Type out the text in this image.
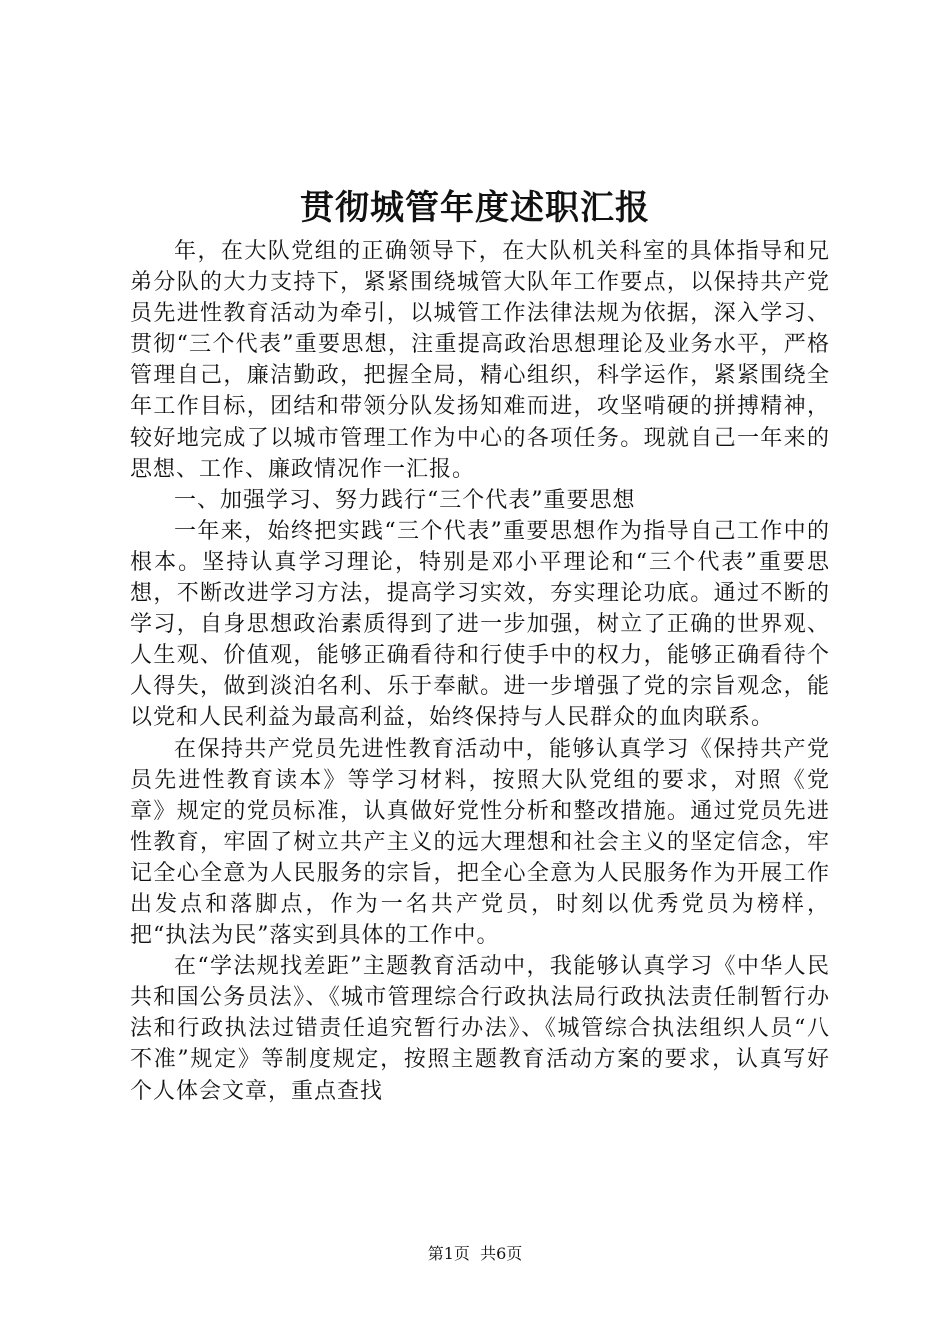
贯彻城管年度述职汇报

年，在大队党组的正确领导下，在大队机关科室的具体指导和兄弟分队的大力支持下，紧紧围绕城管大队年工作要点，以保持共产党员先进性教育活动为牵引，以城管工作法律法规为依据，深入学习、贯彻“三个代表”重要思想，注重提高政治思想理论及业务水平，严格管理自己，廉洁勤政，把握全局，精心组织，科学运作，紧紧围绕全年工作目标，团结和带领分队发扬知难而进，攻坚啃硬的拼搏精神，较好地完成了以城市管理工作为中心的各项任务。现就自己一年来的思想、工作、廉政情况作一汇报。

一、加强学习、努力践行“三个代表”重要思想

一年来，始终把实践“三个代表”重要思想作为指导自己工作中的根本。坚持认真学习理论，特别是邓小平理论和“三个代表”重要思想，不断改进学习方法，提高学习实效，夯实理论功底。通过不断的学习，自身思想政治素质得到了进一步加强，树立了正确的世界观、人生观、价值观，能够正确看待和行使手中的权力，能够正确看待个人得失，做到淡泊名利、乐于奉献。进一步增强了党的宗旨观念，能以党和人民利益为最高利益，始终保持与人民群众的血肉联系。

在保持共产党员先进性教育活动中，能够认真学习《保持共产党员先进性教育读本》等学习材料，按照大队党组的要求，对照《党章》规定的党员标准，认真做好党性分析和整改措施。通过党员先进性教育，牢固了树立共产主义的远大理想和社会主义的坚定信念，牢记全心全意为人民服务的宗旨，把全心全意为人民服务作为开展工作出发点和落脚点，作为一名共产党员，时刻以优秀党员为榜样，把“执法为民”落实到具体的工作中。

在“学法规找差距”主题教育活动中，我能够认真学习《中华人民共和国公务员法》、《城市管理综合行政执法局行政执法责任制暂行办法和行政执法过错责任追究暂行办法》、《城管综合执法组织人员“八不准”规定》等制度规定，按照主题教育活动方案的要求，认真写好个人体会文章，重点查找

第1页 共6页
